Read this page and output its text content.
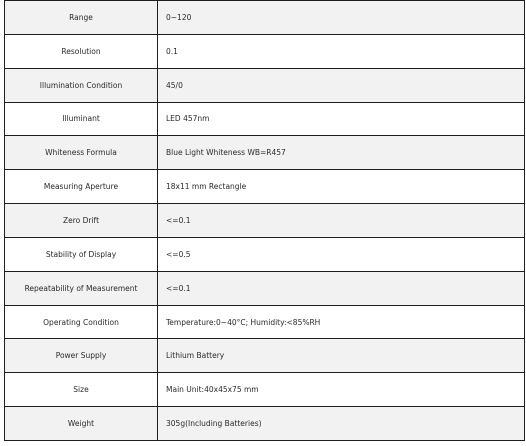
Range	0~120
Resolution	0.1
Illumination Condition	45/0
Illuminant	LED 457nm
Whiteness Formula	Blue Light Whiteness WB=R457
Measuring Aperture	18x11 mm Rectangle
Zero Drift	<=0.1
Stability of Display	<=0.5
Repeatability of Measurement	<=0.1
Operating Condition	Temperature:0~40°C; Humidity:<85%RH
Power Supply	Lithium Battery
Size	Main Unit:40x45x75 mm
Weight	305g(Including Batteries)
